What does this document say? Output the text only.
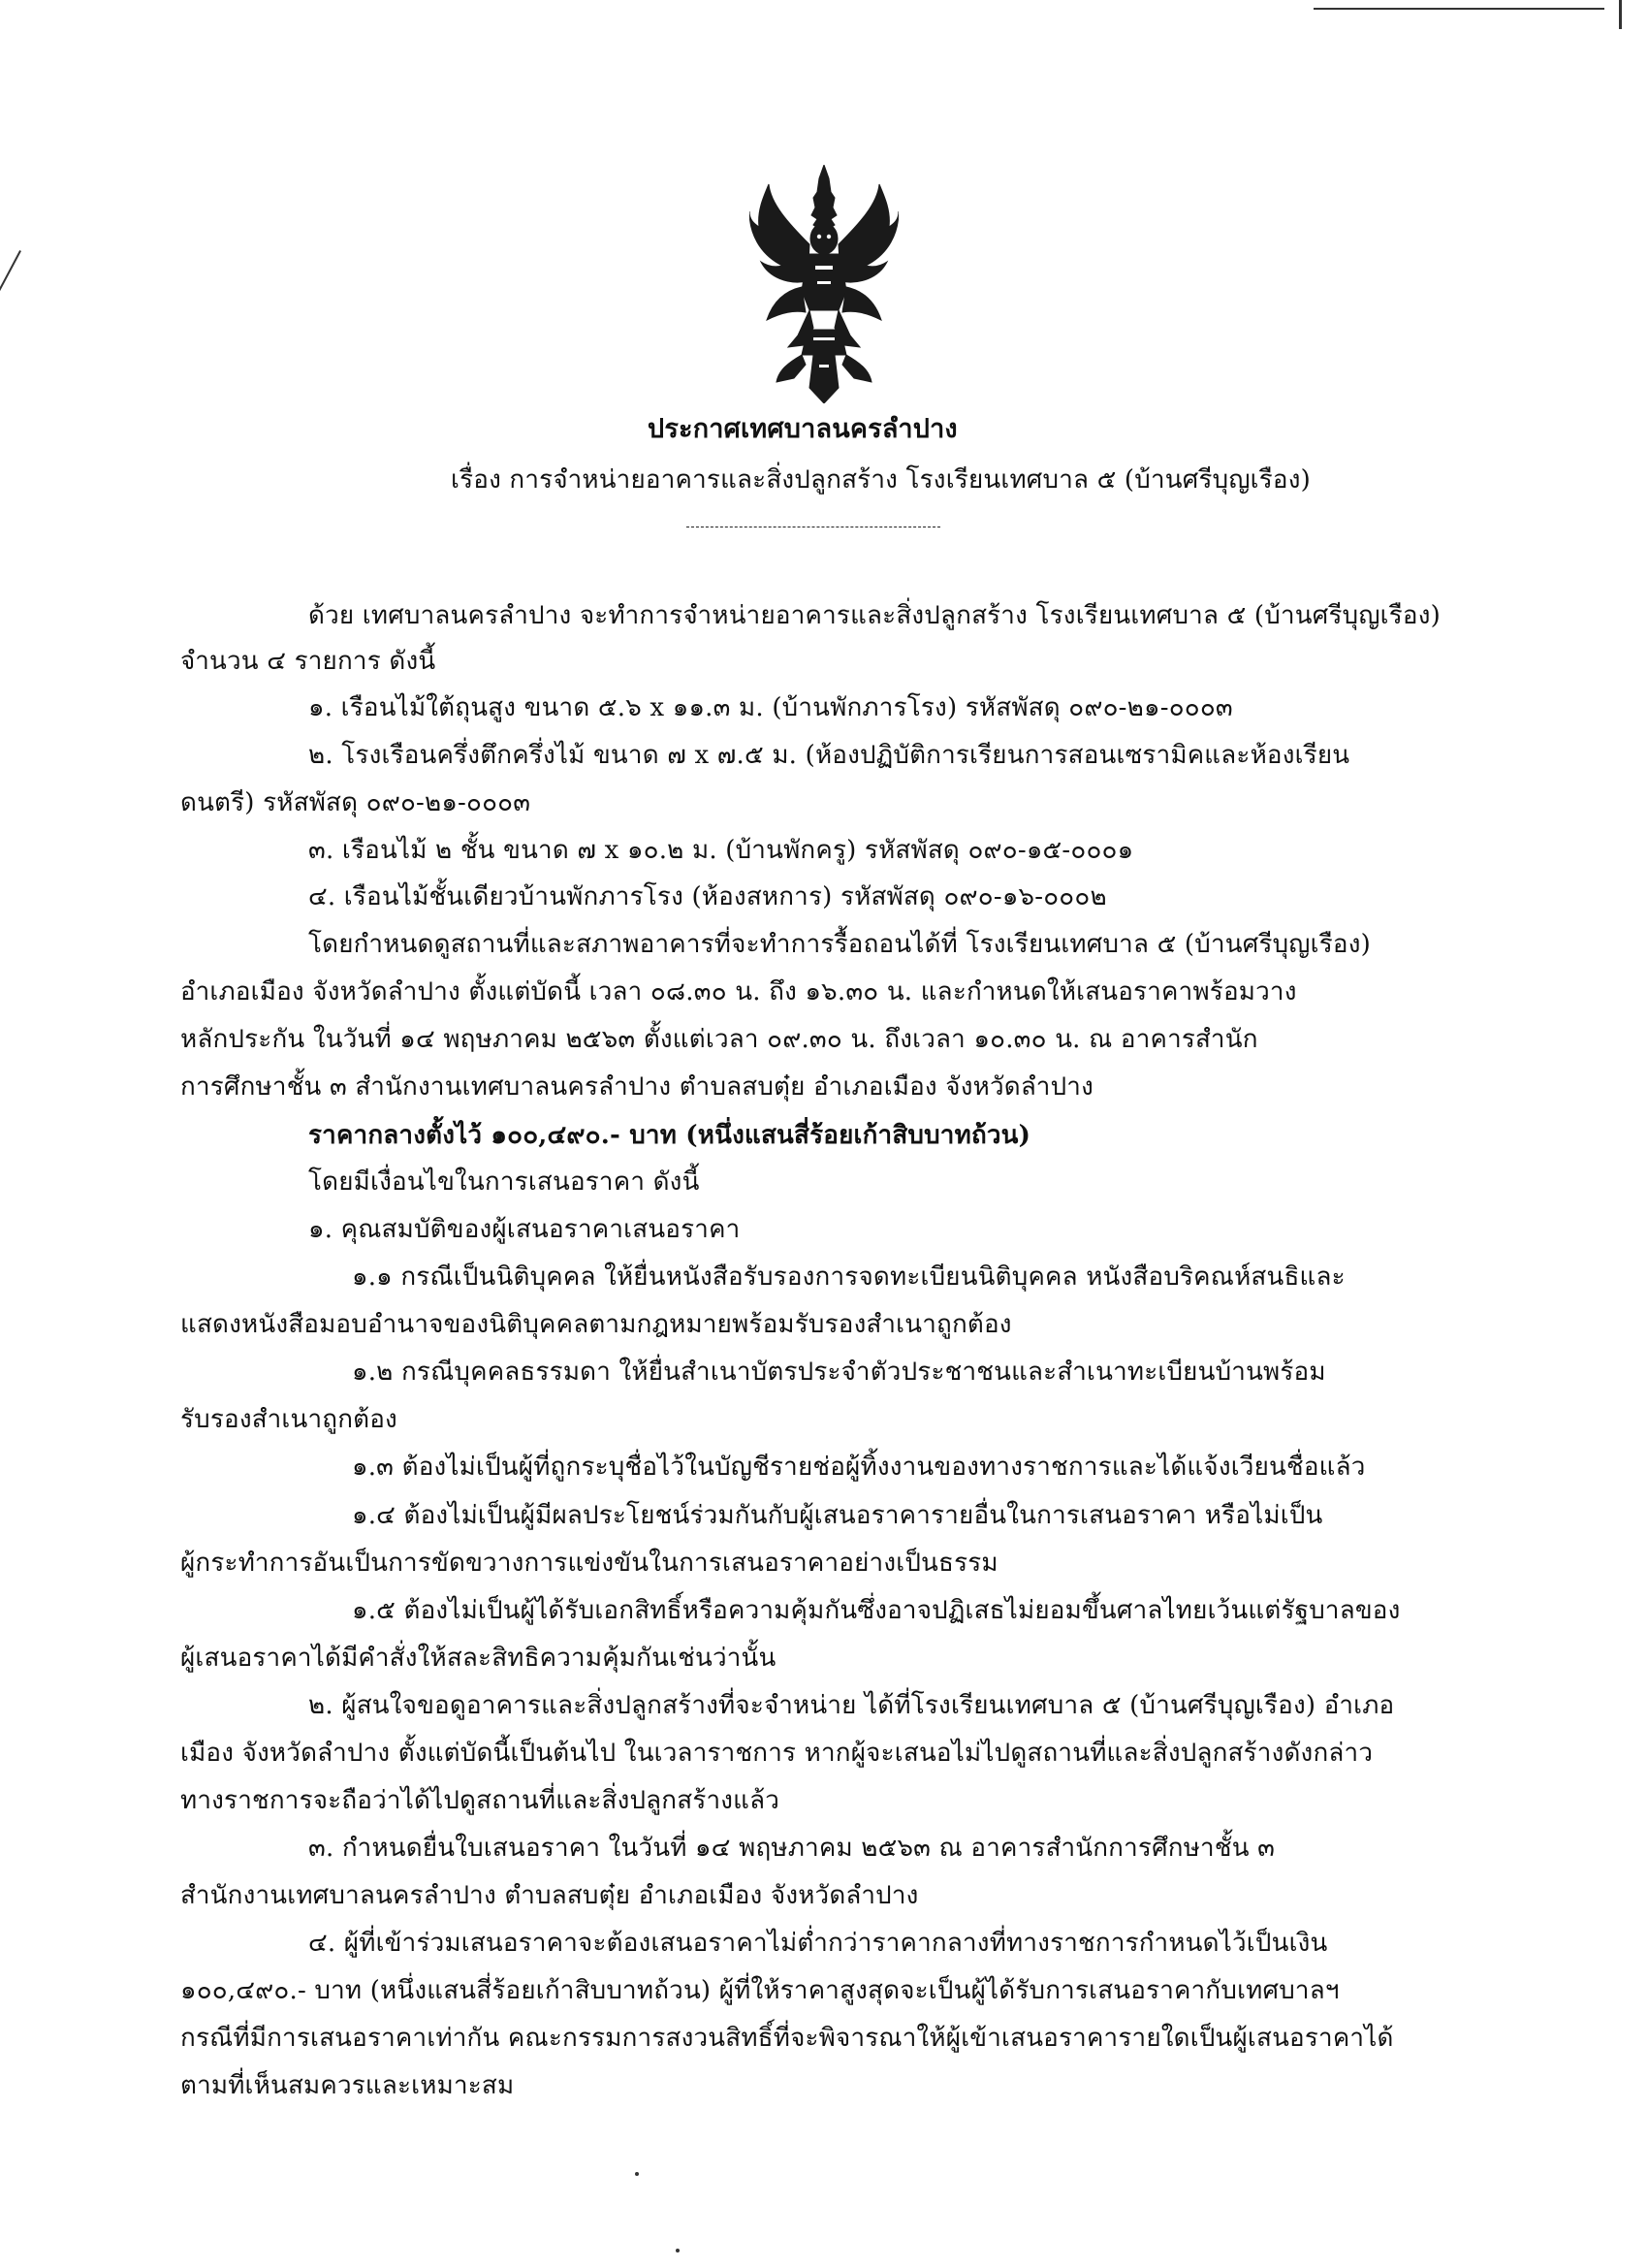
ประกาศเทศบาลนครลำปาง
เรื่อง การจำหน่ายอาคารและสิ่งปลูกสร้าง โรงเรียนเทศบาล ๕ (บ้านศรีบุญเรือง)
ด้วย เทศบาลนครลำปาง จะทำการจำหน่ายอาคารและสิ่งปลูกสร้าง โรงเรียนเทศบาล ๕ (บ้านศรีบุญเรือง)
จำนวน ๔ รายการ ดังนี้
๑. เรือนไม้ใต้ถุนสูง ขนาด ๕.๖ x ๑๑.๓ ม. (บ้านพักภารโรง) รหัสพัสดุ ๐๙๐-๒๑-๐๐๐๓
๒. โรงเรือนครึ่งตึกครึ่งไม้ ขนาด ๗ x ๗.๕ ม. (ห้องปฏิบัติการเรียนการสอนเซรามิคและห้องเรียน
ดนตรี) รหัสพัสดุ ๐๙๐-๒๑-๐๐๐๓
๓. เรือนไม้ ๒ ชั้น ขนาด ๗ x ๑๐.๒ ม. (บ้านพักครู) รหัสพัสดุ ๐๙๐-๑๕-๐๐๐๑
๔. เรือนไม้ชั้นเดียวบ้านพักภารโรง (ห้องสหการ) รหัสพัสดุ ๐๙๐-๑๖-๐๐๐๒
โดยกำหนดดูสถานที่และสภาพอาคารที่จะทำการรื้อถอนได้ที่ โรงเรียนเทศบาล ๕ (บ้านศรีบุญเรือง)
อำเภอเมือง จังหวัดลำปาง ตั้งแต่บัดนี้ เวลา ๐๘.๓๐ น. ถึง ๑๖.๓๐ น. และกำหนดให้เสนอราคาพร้อมวาง
หลักประกัน ในวันที่ ๑๔ พฤษภาคม ๒๕๖๓ ตั้งแต่เวลา ๐๙.๓๐ น. ถึงเวลา ๑๐.๓๐ น. ณ อาคารสำนัก
การศึกษาชั้น ๓ สำนักงานเทศบาลนครลำปาง ตำบลสบตุ๋ย อำเภอเมือง จังหวัดลำปาง
ราคากลางตั้งไว้ ๑๐๐,๔๙๐.- บาท (หนึ่งแสนสี่ร้อยเก้าสิบบาทถ้วน)
โดยมีเงื่อนไขในการเสนอราคา ดังนี้
๑. คุณสมบัติของผู้เสนอราคาเสนอราคา
๑.๑ กรณีเป็นนิติบุคคล ให้ยื่นหนังสือรับรองการจดทะเบียนนิติบุคคล หนังสือบริคณห์สนธิและ
แสดงหนังสือมอบอำนาจของนิติบุคคลตามกฎหมายพร้อมรับรองสำเนาถูกต้อง
๑.๒ กรณีบุคคลธรรมดา ให้ยื่นสำเนาบัตรประจำตัวประชาชนและสำเนาทะเบียนบ้านพร้อม
รับรองสำเนาถูกต้อง
๑.๓ ต้องไม่เป็นผู้ที่ถูกระบุชื่อไว้ในบัญชีรายช่อผู้ทิ้งงานของทางราชการและได้แจ้งเวียนชื่อแล้ว
๑.๔ ต้องไม่เป็นผู้มีผลประโยชน์ร่วมกันกับผู้เสนอราคารายอื่นในการเสนอราคา หรือไม่เป็น
ผู้กระทำการอันเป็นการขัดขวางการแข่งขันในการเสนอราคาอย่างเป็นธรรม
๑.๕ ต้องไม่เป็นผู้ได้รับเอกสิทธิ์หรือความคุ้มกันซึ่งอาจปฏิเสธไม่ยอมขึ้นศาลไทยเว้นแต่รัฐบาลของ
ผู้เสนอราคาได้มีคำสั่งให้สละสิทธิความคุ้มกันเช่นว่านั้น
๒. ผู้สนใจขอดูอาคารและสิ่งปลูกสร้างที่จะจำหน่าย ได้ที่โรงเรียนเทศบาล ๕ (บ้านศรีบุญเรือง) อำเภอ
เมือง จังหวัดลำปาง ตั้งแต่บัดนี้เป็นต้นไป ในเวลาราชการ หากผู้จะเสนอไม่ไปดูสถานที่และสิ่งปลูกสร้างดังกล่าว
ทางราชการจะถือว่าได้ไปดูสถานที่และสิ่งปลูกสร้างแล้ว
๓. กำหนดยื่นใบเสนอราคา ในวันที่ ๑๔ พฤษภาคม ๒๕๖๓ ณ อาคารสำนักการศึกษาชั้น ๓
สำนักงานเทศบาลนครลำปาง ตำบลสบตุ๋ย อำเภอเมือง จังหวัดลำปาง
๔. ผู้ที่เข้าร่วมเสนอราคาจะต้องเสนอราคาไม่ต่ำกว่าราคากลางที่ทางราชการกำหนดไว้เป็นเงิน
๑๐๐,๔๙๐.- บาท (หนึ่งแสนสี่ร้อยเก้าสิบบาทถ้วน) ผู้ที่ให้ราคาสูงสุดจะเป็นผู้ได้รับการเสนอราคากับเทศบาลฯ
กรณีที่มีการเสนอราคาเท่ากัน คณะกรรมการสงวนสิทธิ์ที่จะพิจารณาให้ผู้เข้าเสนอราคารายใดเป็นผู้เสนอราคาได้
ตามที่เห็นสมควรและเหมาะสม
